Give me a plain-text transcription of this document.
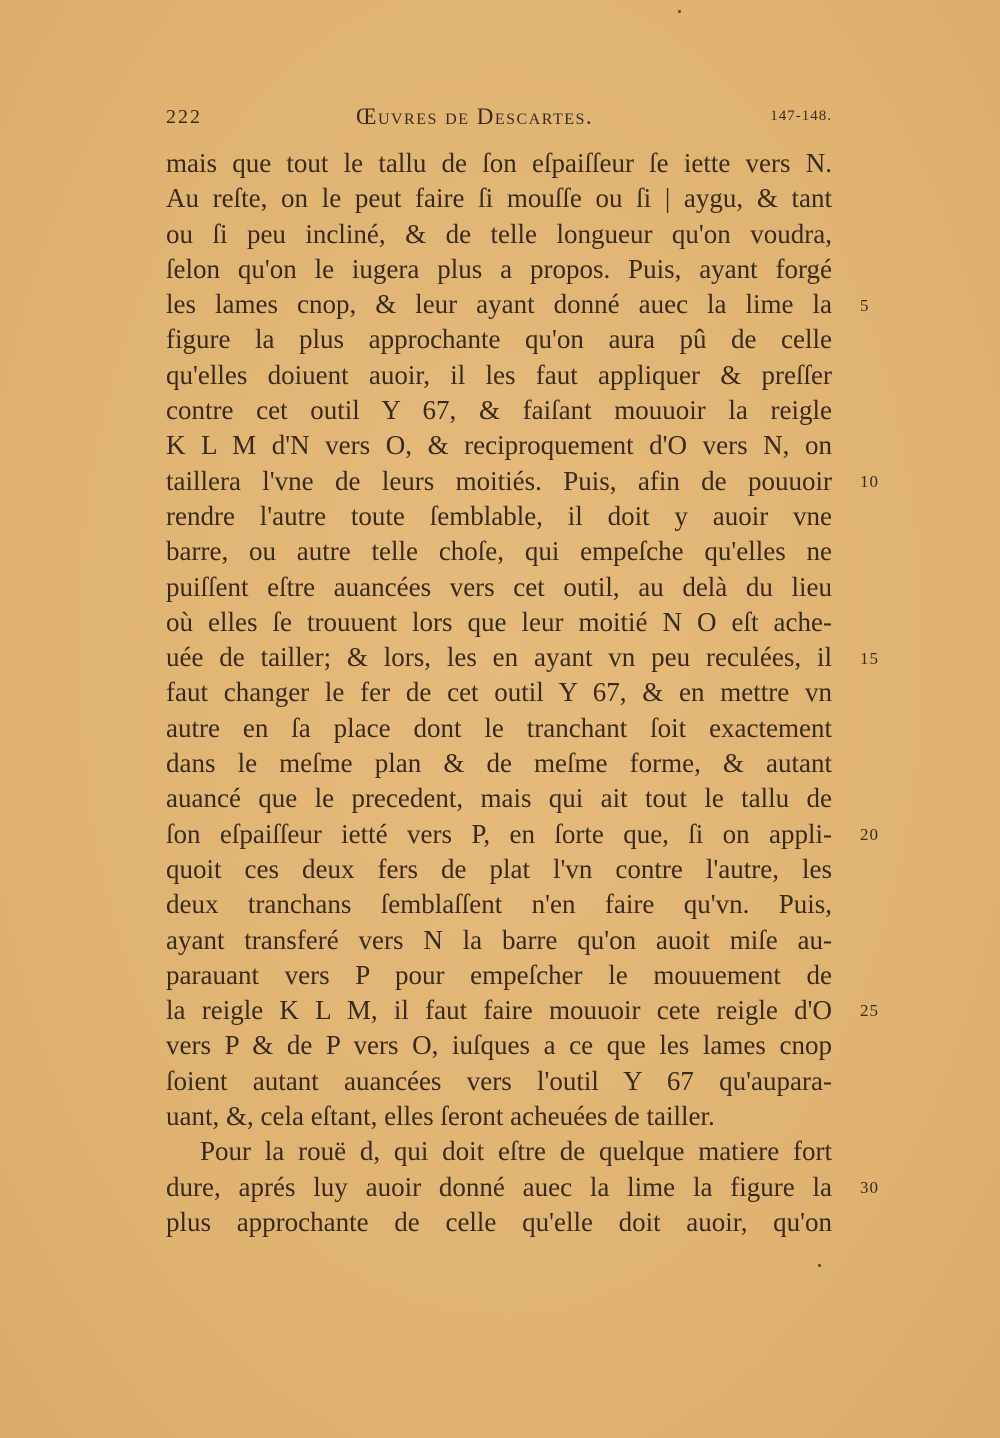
222	Œuvres de Descartes.	147-148.
mais que tout le tallu de ſon eſpaiſſeur ſe iette vers N.
Au reſte, on le peut faire ſi mouſſe ou ſi | aygu, & tant
ou ſi peu incliné, & de telle longueur qu'on voudra,
ſelon qu'on le iugera plus a propos. Puis, ayant forgé
les lames cnop, & leur ayant donné auec la lime la
figure la plus approchante qu'on aura pû de celle
qu'elles doiuent auoir, il les faut appliquer & preſſer
contre cet outil Y 67, & faiſant mouuoir la reigle
K L M d'N vers O, & reciproquement d'O vers N, on
taillera l'vne de leurs moitiés. Puis, afin de pouuoir
rendre l'autre toute ſemblable, il doit y auoir vne
barre, ou autre telle choſe, qui empeſche qu'elles ne
puiſſent eſtre auancées vers cet outil, au delà du lieu
où elles ſe trouuent lors que leur moitié N O eſt ache-
uée de tailler; & lors, les en ayant vn peu reculées, il
faut changer le fer de cet outil Y 67, & en mettre vn
autre en ſa place dont le tranchant ſoit exactement
dans le meſme plan & de meſme forme, & autant
auancé que le precedent, mais qui ait tout le tallu de
ſon eſpaiſſeur ietté vers P, en ſorte que, ſi on appli-
quoit ces deux fers de plat l'vn contre l'autre, les
deux tranchans ſemblaſſent n'en faire qu'vn. Puis,
ayant transferé vers N la barre qu'on auoit miſe au-
parauant vers P pour empeſcher le mouuement de
la reigle K L M, il faut faire mouuoir cete reigle d'O
vers P & de P vers O, iuſques a ce que les lames cnop
ſoient autant auancées vers l'outil Y 67 qu'aupara-
uant, &, cela eſtant, elles ſeront acheuées de tailler.
Pour la rouë d, qui doit eſtre de quelque matiere fort
dure, aprés luy auoir donné auec la lime la figure la
plus approchante de celle qu'elle doit auoir, qu'on
5
10
15
20
25
30
